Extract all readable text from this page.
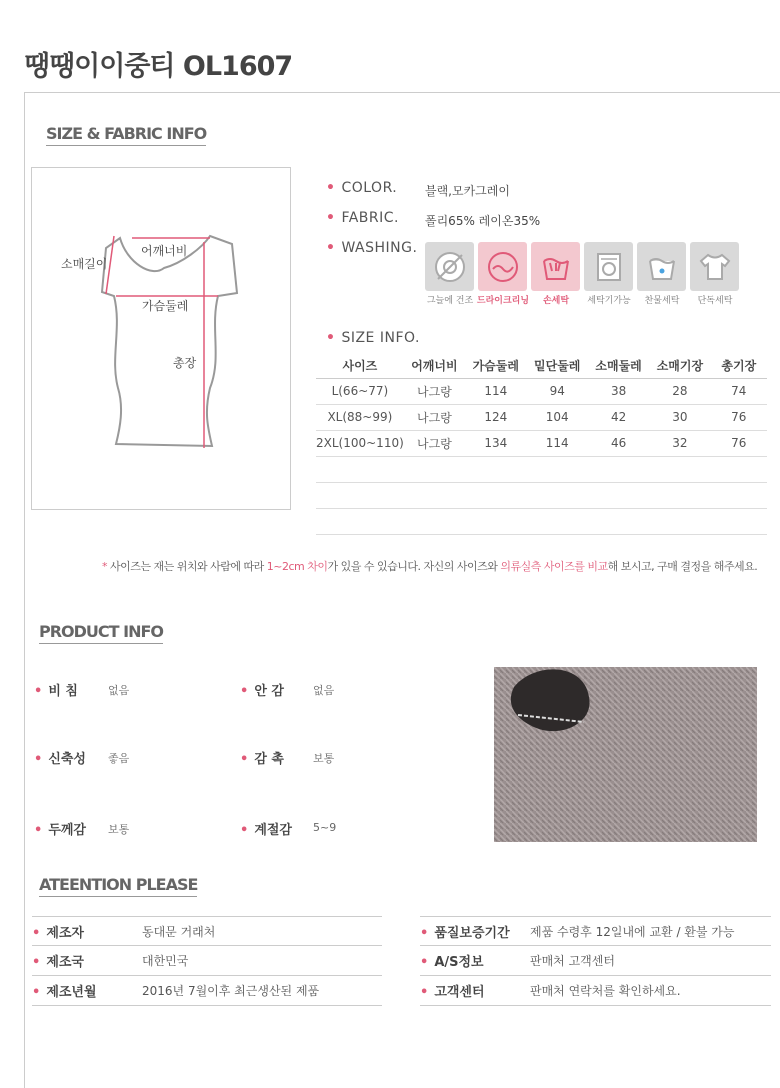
땡땡이이중티 OL1607
SIZE & FABRIC INFO
소매길이
어깨너비
가슴둘레
총장
• COLOR. 블랙,모카그레이
• FABRIC. 폴리65% 레이온35%
• WASHING.
그늘에 건조 드라이크리닝	손세탁	세탁기가능	찬물세탁	단독세탁
• SIZE INFO.
사이즈	어깨너비	가슴둘레	밑단둘레	소매둘레	소매기장	총기장
L(66~77)	나그랑	114	94	38	28	74
XL(88~99)	나그랑	124	104	42	30	76
2XL(100~110)	나그랑	134	114	46	32	76

* 사이즈는 재는 위치와 사람에 따라 1~2cm 차이가 있을 수 있습니다. 자신의 사이즈와 의류실측 사이즈를 비교해 보시고, 구매 결정을 해주세요.
PRODUCT INFO
• 비 침	없음	• 안 감	없음
• 신축성 좋음	• 감 촉	보통
• 두께감 보통	• 계절감 5~9
ATEENTION PLEASE
• 제조자	동대문 거래처
• 제조국	대한민국
• 제조년월	2016년 7월이후 최근생산된 제품
• 품질보증기간	제품 수령후 12일내에 교환 / 환불 가능
• A/S정보	판매처 고객센터
• 고객센터	판매처 연락처를 확인하세요.
